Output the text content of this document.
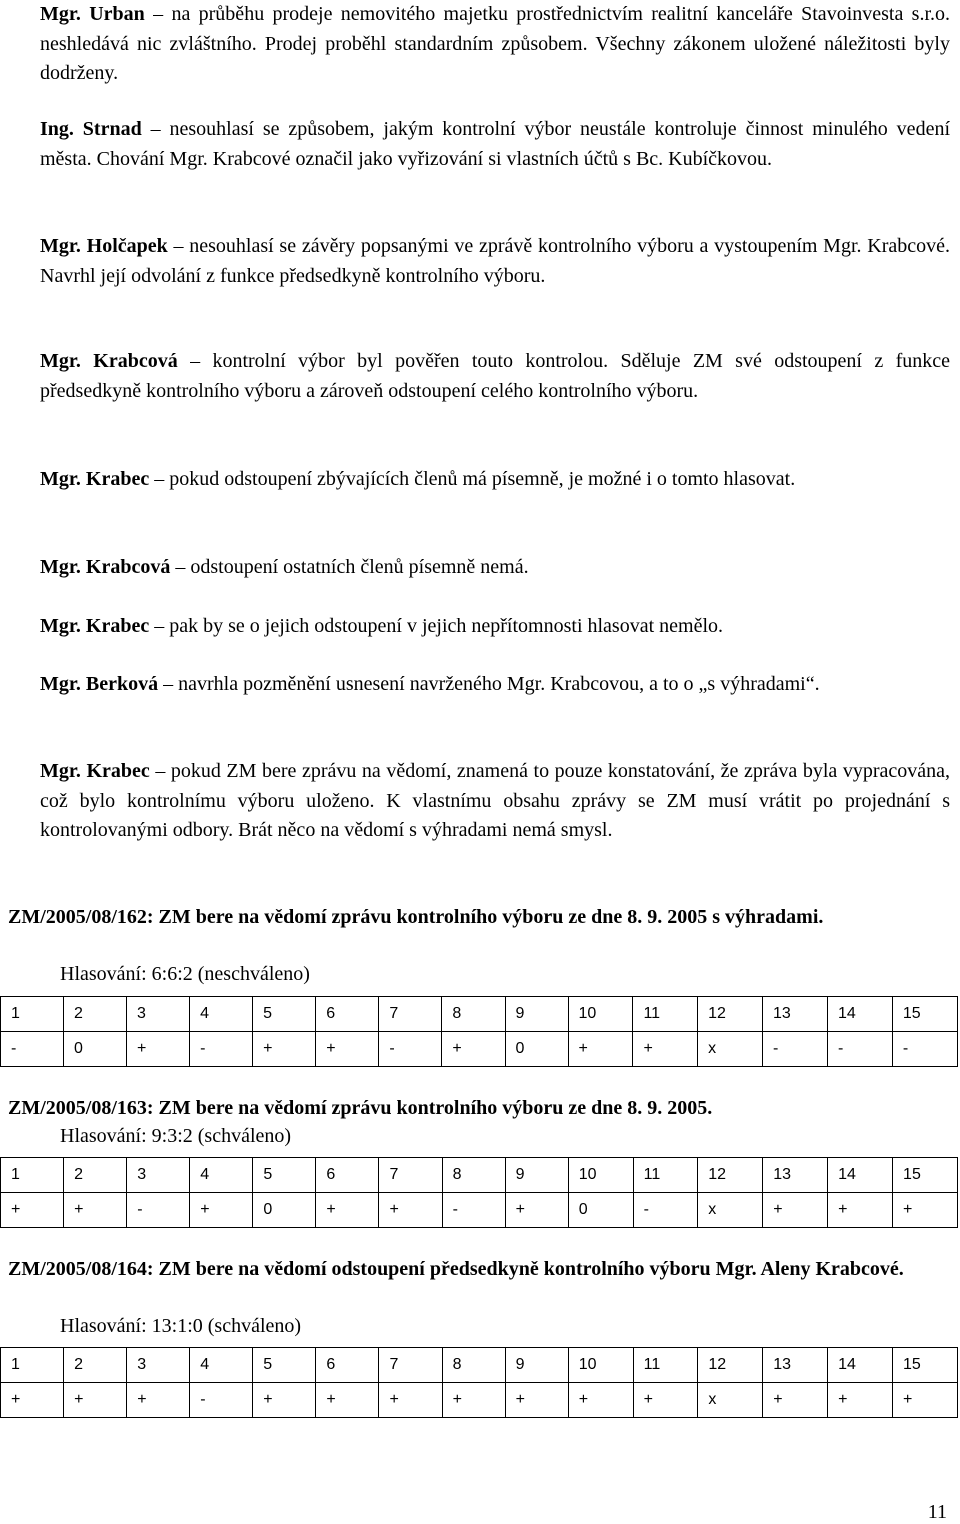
Mgr. Urban – na průběhu prodeje nemovitého majetku prostřednictvím realitní kanceláře Stavoinvesta s.r.o. neshledává nic zvláštního. Prodej proběhl standardním způsobem. Všechny zákonem uložené náležitosti byly dodrženy.
Ing. Strnad – nesouhlasí se způsobem, jakým kontrolní výbor neustále kontroluje činnost minulého vedení města. Chování Mgr. Krabcové označil jako vyřizování si vlastních účtů s Bc. Kubíčkovou.
Mgr. Holčapek – nesouhlasí se závěry popsanými ve zprávě kontrolního výboru a vystoupením Mgr. Krabcové. Navrhl její odvolání z funkce předsedkyně kontrolního výboru.
Mgr. Krabcová – kontrolní výbor byl pověřen touto kontrolou. Sděluje ZM své odstoupení z funkce předsedkyně kontrolního výboru a zároveň odstoupení celého kontrolního výboru.
Mgr. Krabec – pokud odstoupení zbývajících členů má písemně, je možné i o tomto hlasovat.
Mgr. Krabcová – odstoupení ostatních členů písemně nemá.
Mgr. Krabec – pak by se o jejich odstoupení v jejich nepřítomnosti hlasovat nemělo.
Mgr. Berková – navrhla pozměnění usnesení navrženého Mgr. Krabcovou, a to o „s výhradami“.
Mgr. Krabec – pokud ZM bere zprávu na vědomí, znamená to pouze konstatování, že zpráva byla vypracována, což bylo kontrolnímu výboru uloženo. K vlastnímu obsahu zprávy se ZM musí vrátit po projednání s kontrolovanými odbory. Brát něco na vědomí s výhradami nemá smysl.
ZM/2005/08/162: ZM bere na vědomí zprávu kontrolního výboru ze dne 8. 9. 2005 s výhradami.
Hlasování: 6:6:2 (neschváleno)
1	2	3	4	5	6	7	8	9	10	11	12	13	14	15
-	0	+	-	+	+	-	+	0	+	+	x	-	-	-
ZM/2005/08/163: ZM bere na vědomí zprávu kontrolního výboru ze dne 8. 9. 2005.
Hlasování: 9:3:2 (schváleno)
1	2	3	4	5	6	7	8	9	10	11	12	13	14	15
+	+	-	+	0	+	+	-	+	0	-	x	+	+	+
ZM/2005/08/164: ZM bere na vědomí odstoupení předsedkyně kontrolního výboru Mgr. Aleny Krabcové.
Hlasování: 13:1:0 (schváleno)
1	2	3	4	5	6	7	8	9	10	11	12	13	14	15
+	+	+	-	+	+	+	+	+	+	+	x	+	+	+
11
